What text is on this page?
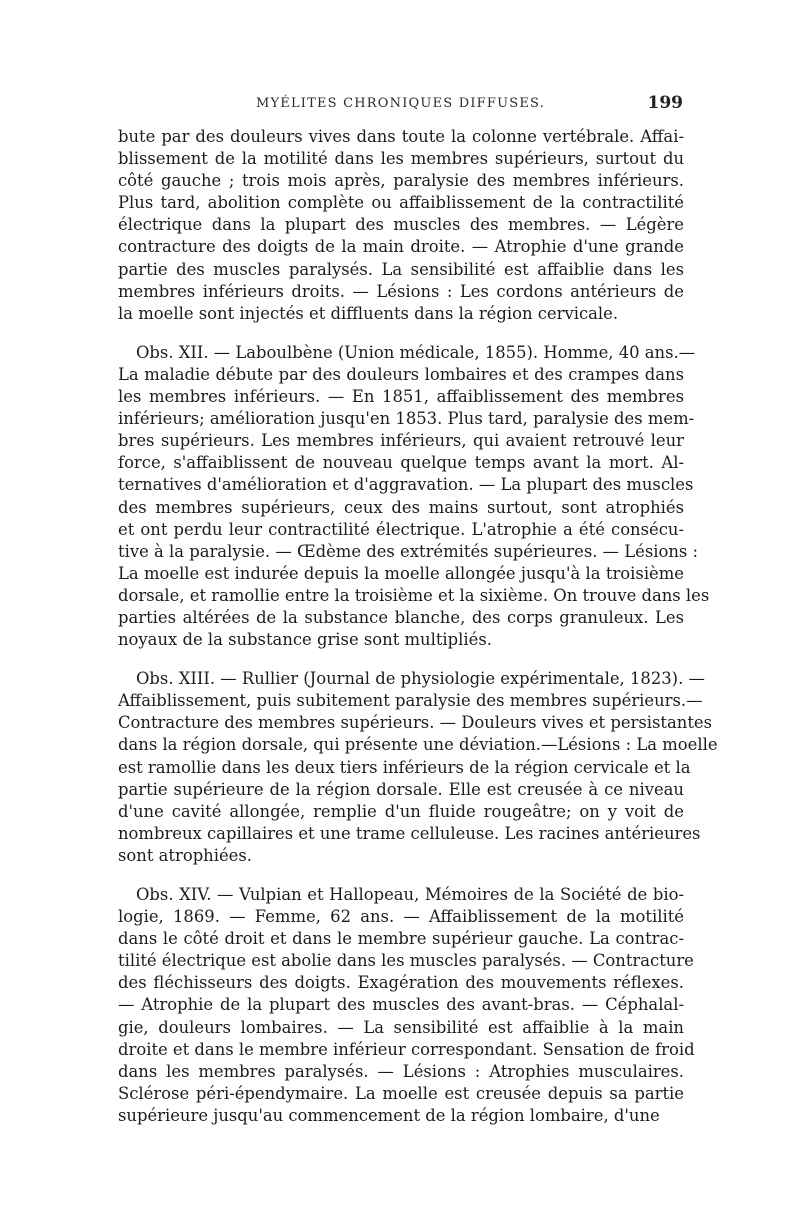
MYÉLITES CHRONIQUES DIFFUSES.	199
bute par des douleurs vives dans toute la colonne vertébrale. Affai-
blissement de la motilité dans les membres supérieurs, surtout du
côté gauche ; trois mois après, paralysie des membres inférieurs.
Plus tard, abolition complète ou affaiblissement de la contractilité
électrique dans la plupart des muscles des membres. — Légère
contracture des doigts de la main droite. — Atrophie d'une grande
partie des muscles paralysés. La sensibilité est affaiblie dans les
membres inférieurs droits. — Lésions : Les cordons antérieurs de
la moelle sont injectés et diffluents dans la région cervicale.
Obs. XII. — Laboulbène (Union médicale, 1855). Homme, 40 ans.—
La maladie débute par des douleurs lombaires et des crampes dans
les membres inférieurs. — En 1851, affaiblissement des membres
inférieurs; amélioration jusqu'en 1853. Plus tard, paralysie des mem-
bres supérieurs. Les membres inférieurs, qui avaient retrouvé leur
force, s'affaiblissent de nouveau quelque temps avant la mort. Al-
ternatives d'amélioration et d'aggravation. — La plupart des muscles
des membres supérieurs, ceux des mains surtout, sont atrophiés
et ont perdu leur contractilité électrique. L'atrophie a été consécu-
tive à la paralysie. — Œdème des extrémités supérieures. — Lésions :
La moelle est indurée depuis la moelle allongée jusqu'à la troisième
dorsale, et ramollie entre la troisième et la sixième. On trouve dans les
parties altérées de la substance blanche, des corps granuleux. Les
noyaux de la substance grise sont multipliés.
Obs. XIII. — Rullier (Journal de physiologie expérimentale, 1823). —
Affaiblissement, puis subitement paralysie des membres supérieurs.—
Contracture des membres supérieurs. — Douleurs vives et persistantes
dans la région dorsale, qui présente une déviation.—Lésions : La moelle
est ramollie dans les deux tiers inférieurs de la région cervicale et la
partie supérieure de la région dorsale. Elle est creusée à ce niveau
d'une cavité allongée, remplie d'un fluide rougeâtre; on y voit de
nombreux capillaires et une trame celluleuse. Les racines antérieures
sont atrophiées.
Obs. XIV. — Vulpian et Hallopeau, Mémoires de la Société de bio-
logie, 1869. — Femme, 62 ans. — Affaiblissement de la motilité
dans le côté droit et dans le membre supérieur gauche. La contrac-
tilité électrique est abolie dans les muscles paralysés. — Contracture
des fléchisseurs des doigts. Exagération des mouvements réflexes.
— Atrophie de la plupart des muscles des avant-bras. — Céphalal-
gie, douleurs lombaires. — La sensibilité est affaiblie à la main
droite et dans le membre inférieur correspondant. Sensation de froid
dans les membres paralysés. — Lésions : Atrophies musculaires.
Sclérose péri-épendymaire. La moelle est creusée depuis sa partie
supérieure jusqu'au commencement de la région lombaire, d'une
